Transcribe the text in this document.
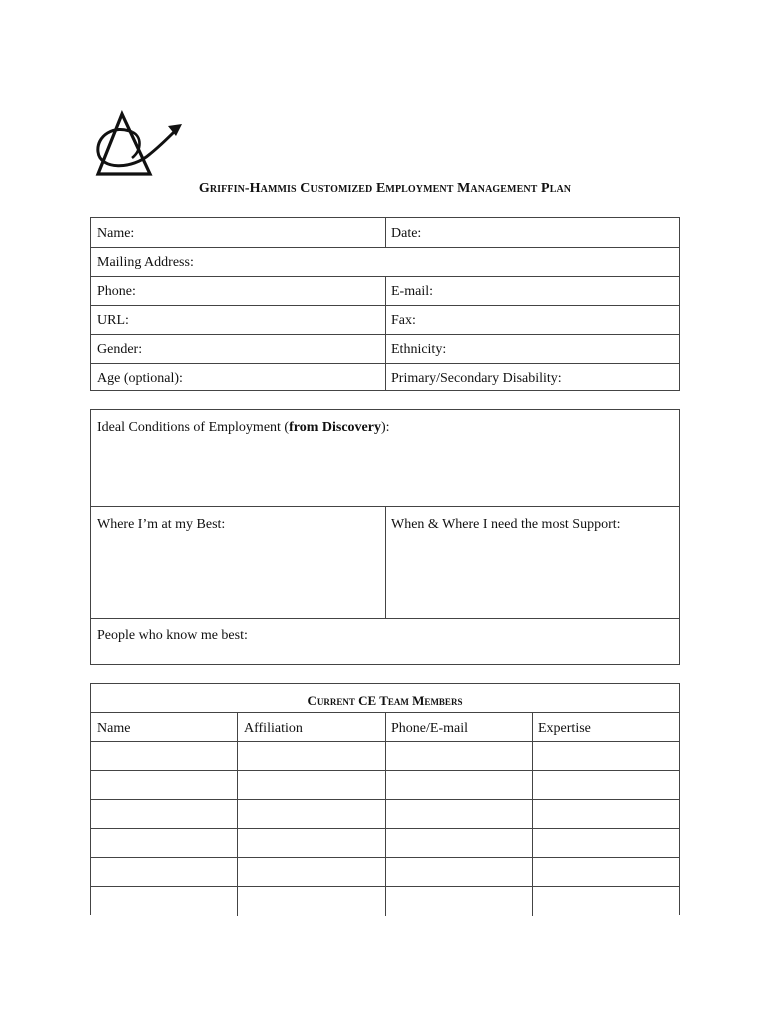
Griffin-Hammis Customized Employment Management Plan
Name:	Date:
Mailing Address:
Phone:	E-mail:
URL:	Fax:
Gender:	Ethnicity:
Age (optional):	Primary/Secondary Disability:
Ideal Conditions of Employment (from Discovery):
Where I’m at my Best:	When & Where I need the most Support:
People who know me best:
Current CE Team Members
Name	Affiliation	Phone/E-mail	Expertise
